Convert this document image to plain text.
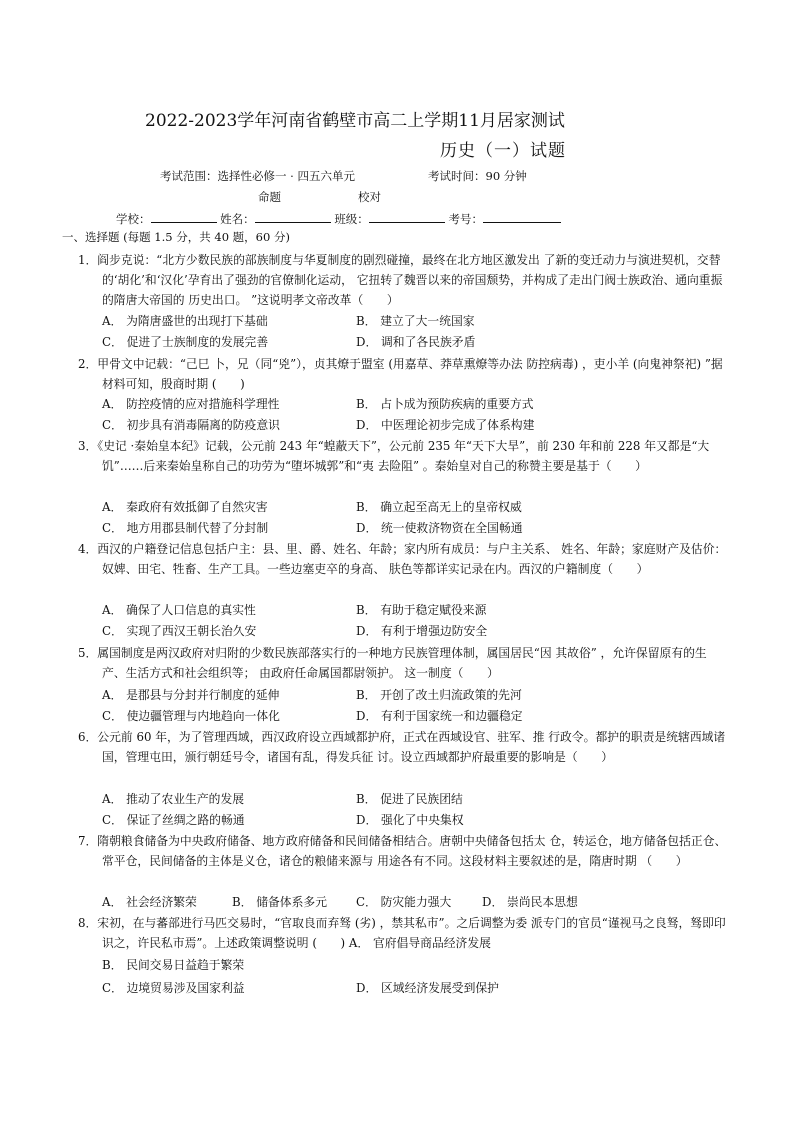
2022-2023学年河南省鹤壁市高二上学期11月居家测试
历史（一）试题
考试范围：选择性必修一 · 四五六单元	考试时间：90 分钟
命题	校对
学校：	姓名：	班级：	考号：
一、选择题 (每题 1.5 分，共 40 题，60 分)

1．阎步克说：“北方少数民族的部族制度与华夏制度的剧烈碰撞，最终在北方地区激发出 了新的变迁动力与演进契机，交替的‘胡化’和‘汉化’孕育出了强劲的官僚制化运动， 它扭转了魏晋以来的帝国颓势，并构成了走出门阀士族政治、通向重振的隋唐大帝国的 历史出口。 ”这说明孝文帝改革（　　）

A． 为隋唐盛世的出现打下基础	B． 建立了大一统国家
C． 促进了士族制度的发展完善	D． 调和了各民族矛盾

2．甲骨文中记载：“己巳 卜，兄（同“兇”），贞其燎于盟室 (用嘉草、莽草熏燎等办法 防控病毒) ，吏小羊 (向鬼神祭祀) ”据材料可知，殷商时期 (　　)

A． 防控疫情的应对措施科学理性	B． 占卜成为预防疾病的重要方式
C． 初步具有消毒隔离的防疫意识	D． 中医理论初步完成了体系构建

3．《史记 ·秦始皇本纪》记载，公元前 243 年“蝗蔽天下”，公元前 235 年“天下大旱”，前 230 年和前 228 年又都是“大饥”……后来秦始皇称自己的功劳为“堕坏城郭”和“夷 去险阻” 。秦始皇对自己的称赞主要是基于（　　）

A． 秦政府有效抵御了自然灾害	B． 确立起至高无上的皇帝权威
C． 地方用郡县制代替了分封制	D． 统一使救济物资在全国畅通

4．西汉的户籍登记信息包括户主：县、里、爵、姓名、年龄；家内所有成员：与户主关系、 姓名、年龄；家庭财产及估价：奴婢、田宅、牲畜、生产工具。一些边塞吏卒的身高、 肤色等都详实记录在内。西汉的户籍制度（　　）

A． 确保了人口信息的真实性	B． 有助于稳定赋役来源
C． 实现了西汉王朝长治久安	D． 有利于增强边防安全

5．属国制度是两汉政府对归附的少数民族部落实行的一种地方民族管理体制，属国居民“因 其故俗” ，允许保留原有的生产、生活方式和社会组织等； 由政府任命属国都尉领护。 这一制度（　　）

A． 是郡县与分封并行制度的延伸	B． 开创了改土归流政策的先河
C． 使边疆管理与内地趋向一体化	D． 有利于国家统一和边疆稳定

6．公元前 60 年，为了管理西域，西汉政府设立西域都护府，正式在西域设官、驻军、推 行政令。都护的职责是统辖西域诸国，管理屯田，颁行朝廷号令，诸国有乱，得发兵征 讨。设立西域都护府最重要的影响是（　　）

A． 推动了农业生产的发展	B． 促进了民族团结
C． 保证了丝绸之路的畅通	D． 强化了中央集权

7．隋朝粮食储备为中央政府储备、地方政府储备和民间储备相结合。唐朝中央储备包括太 仓，转运仓，地方储备包括正仓、常平仓，民间储备的主体是义仓，诸仓的粮储来源与 用途各有不同。这段材料主要叙述的是，隋唐时期 （　　）

A． 社会经济繁荣	B． 储备体系多元 C． 防灾能力强大	D． 崇尚民本思想

8．宋初，在与蕃部进行马匹交易时，“官取良而弃驽 (劣) ，禁其私市”。之后调整为委 派专门的官员“谨视马之良驽，驽即印识之，许民私市焉”。上述政策调整说明 (　　) A． 官府倡导商品经济发展

B． 民间交易日益趋于繁荣
C． 边境贸易涉及国家利益	D． 区域经济发展受到保护
